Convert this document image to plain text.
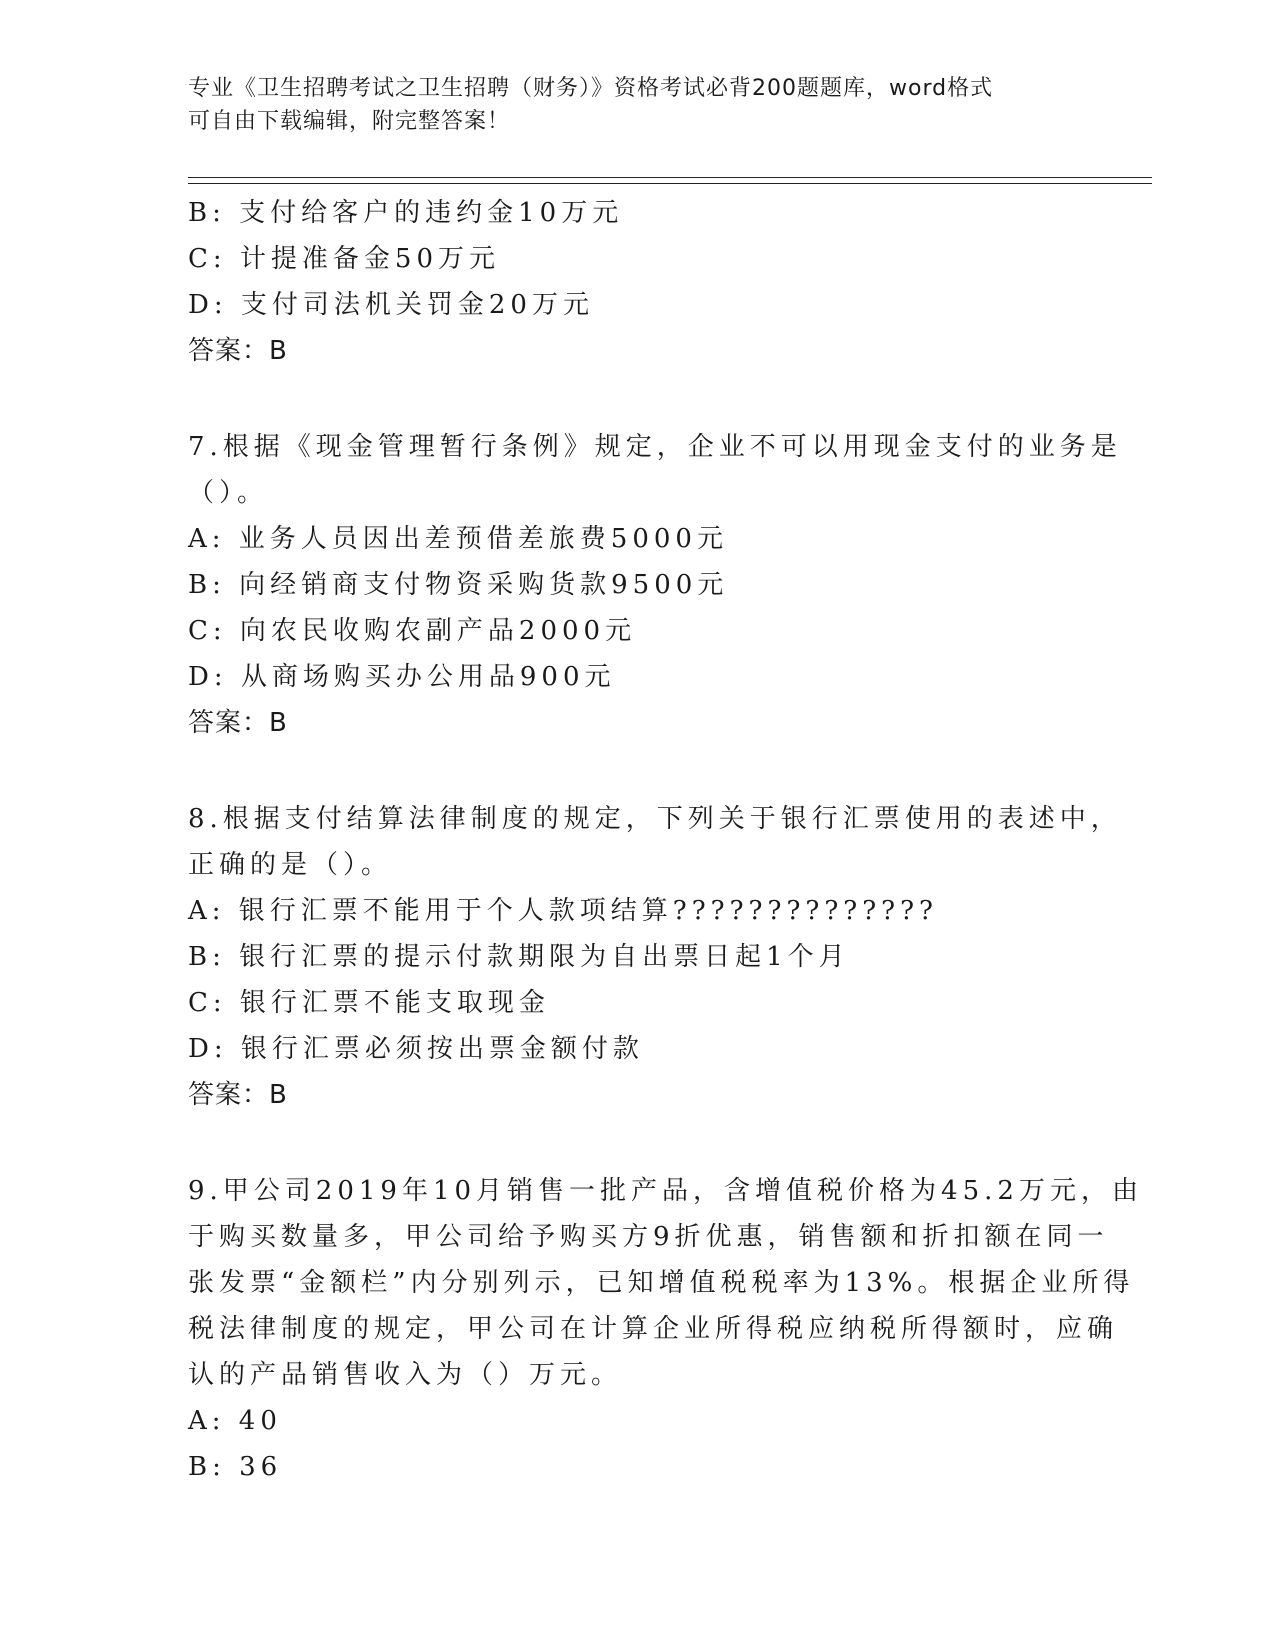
专业《卫生招聘考试之卫生招聘（财务）》资格考试必背200题题库，word格式
可自由下载编辑，附完整答案！
B: 支付给客户的违约金10万元
C: 计提准备金50万元
D: 支付司法机关罚金20万元
答案：B
7.根据《现金管理暂行条例》规定，企业不可以用现金支付的业务是
（）。
A: 业务人员因出差预借差旅费5000元
B: 向经销商支付物资采购货款9500元
C: 向农民收购农副产品2000元
D: 从商场购买办公用品900元
答案：B
8.根据支付结算法律制度的规定，下列关于银行汇票使用的表述中，
正确的是（）。
A: 银行汇票不能用于个人款项结算??????????????
B: 银行汇票的提示付款期限为自出票日起1个月
C: 银行汇票不能支取现金
D: 银行汇票必须按出票金额付款
答案：B
9.甲公司2019年10月销售一批产品，含增值税价格为45.2万元，由
于购买数量多，甲公司给予购买方9折优惠，销售额和折扣额在同一
张发票“金额栏”内分别列示，已知增值税税率为13%。根据企业所得
税法律制度的规定，甲公司在计算企业所得税应纳税所得额时，应确
认的产品销售收入为（）万元。
A: 40
B: 36
